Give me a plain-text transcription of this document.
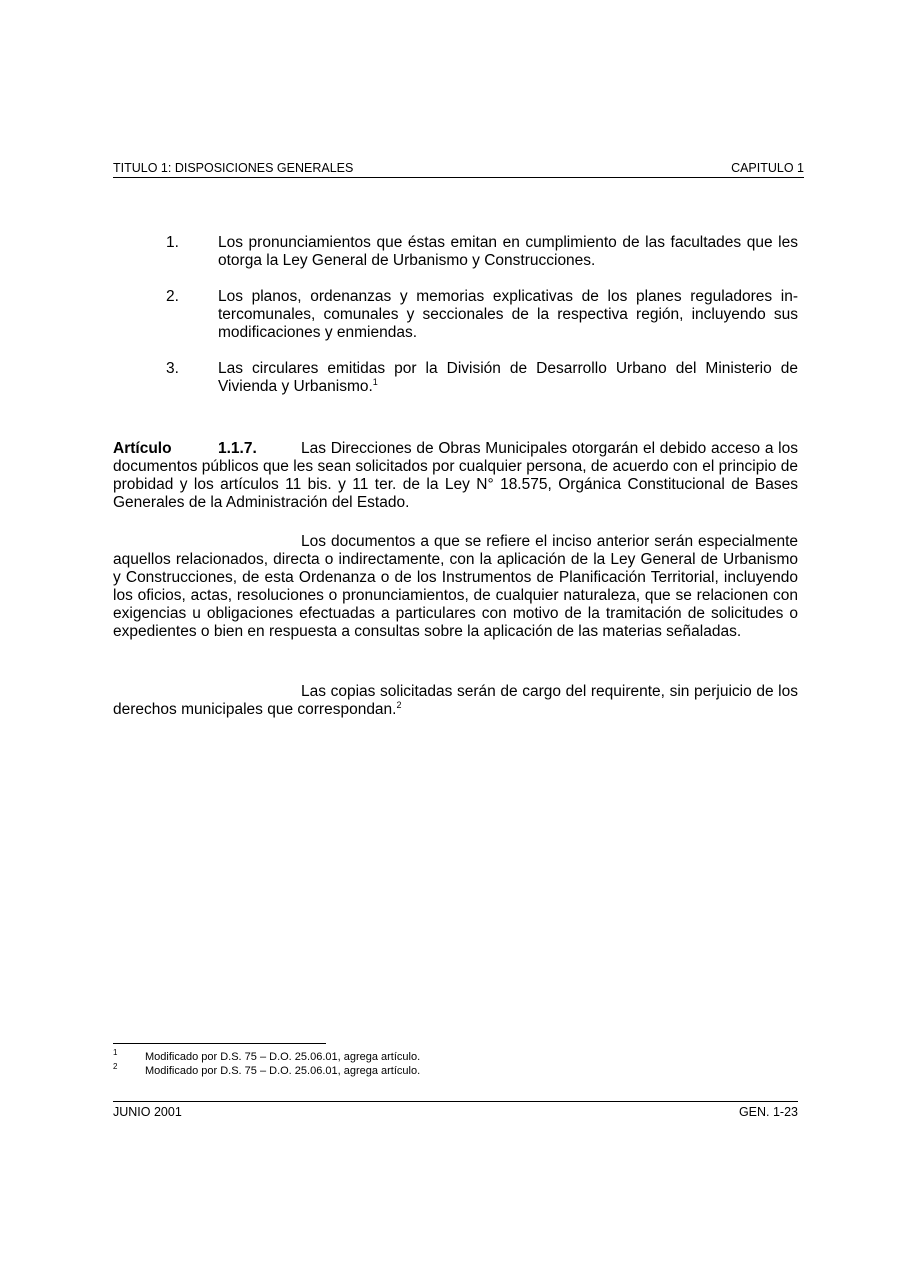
TITULO 1: DISPOSICIONES GENERALES	CAPITULO 1
1.	Los pronunciamientos que éstas emitan en cumplimiento de las facultades que les otorga la Ley General de Urbanismo y Construcciones.
2.	Los planos, ordenanzas y memorias explicativas de los planes reguladores intercomunales, comunales y seccionales de la respectiva región, incluyendo sus modificaciones y enmiendas.
3.	Las circulares emitidas por la División de Desarrollo Urbano del Ministerio de Vivienda y Urbanismo.$^1$

Artículo	1.1.7.	Las Direcciones de Obras Municipales otorgarán el debido acceso a los documentos públicos que les sean solicitados por cualquier persona, de acuerdo con el principio de probidad y los artículos 11 bis. y 11 ter. de la Ley N° 18.575, Orgánica Constitucional de Bases Generales de la Administración del Estado.

Los documentos a que se refiere el inciso anterior serán especialmente aquellos relacionados, directa o indirectamente, con la aplicación de la Ley General de Urbanismo y Construcciones, de esta Ordenanza o de los Instrumentos de Planificación Territorial, incluyendo los oficios, actas, resoluciones o pronunciamientos, de cualquier naturaleza, que se relacionen con exigencias u obligaciones efectuadas a particulares con motivo de la tramitación de solicitudes o expedientes o bien en respuesta a consultas sobre la aplicación de las materias señaladas.

Las copias solicitadas serán de cargo del requirente, sin perjuicio de los derechos municipales que correspondan.$^2$

1	Modificado por D.S. 75 – D.O. 25.06.01, agrega artículo.
2	Modificado por D.S. 75 – D.O. 25.06.01, agrega artículo.
JUNIO 2001	GEN. 1-23
